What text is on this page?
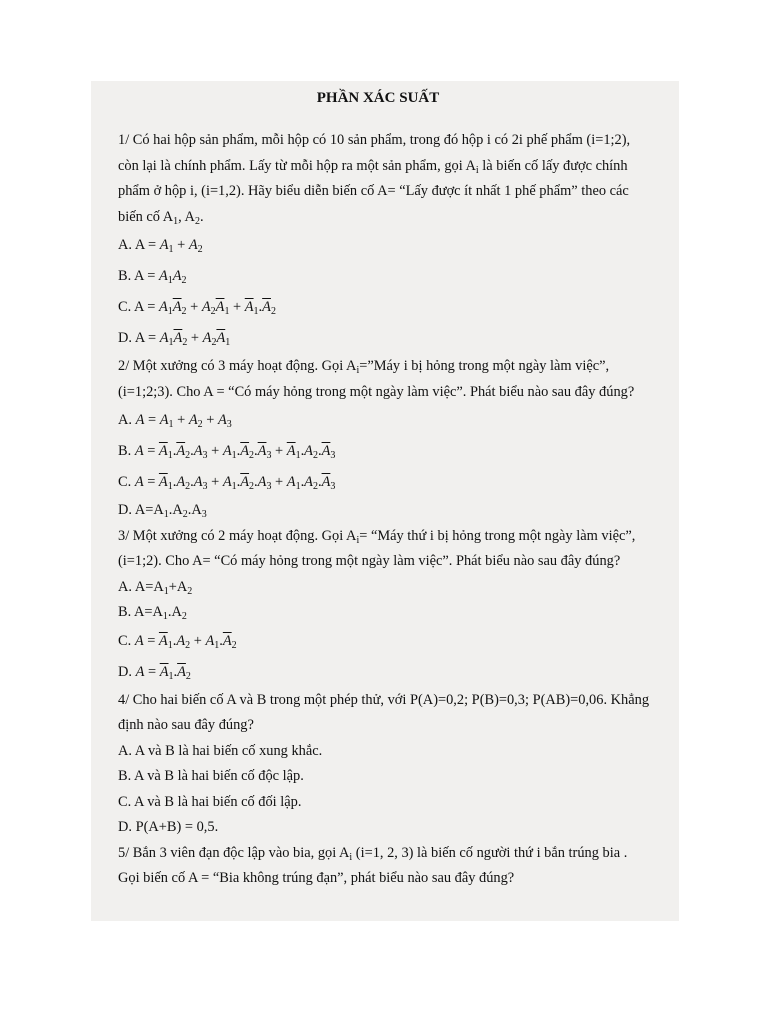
PHẦN XÁC SUẤT
1/ Có hai hộp sản phẩm, mỗi hộp có 10 sản phẩm, trong đó hộp i có 2i phế phẩm (i=1;2),
còn lại là chính phẩm. Lấy từ mỗi hộp ra một sản phẩm, gọi $A_i$ là biến cố lấy được chính
phẩm ở hộp i, (i=1,2). Hãy biểu diễn biến cố A= “Lấy được ít nhất 1 phế phẩm” theo các
biến cố $A_1$, $A_2$.
A. $A = A_1 + A_2$
B. $A = A_1A_2$
C. $A = A_1\overline{A}_2 + A_2\overline{A}_1 + \overline{A}_1.\overline{A}_2$
D. $A = A_1\overline{A}_2 + A_2\overline{A}_1$
2/ Một xưởng có 3 máy hoạt động. Gọi $A_i=”Máy$ i bị hỏng trong một ngày làm việc”,
(i=1;2;3). Cho A = “Có máy hỏng trong một ngày làm việc”. Phát biểu nào sau đây đúng?
A. $A = A_1 + A_2 + A_3$
B. $A = \overline{A}_1.\overline{A}_2.A_3 + A_1.\overline{A}_2.\overline{A}_3 + \overline{A}_1.A_2.\overline{A}_3$
C. $A = \overline{A}_1.A_2.A_3 + A_1.\overline{A}_2.A_3 + A_1.A_2.\overline{A}_3$
D. $A=A_1.A_2.A_3$
3/ Một xưởng có 2 máy hoạt động. Gọi $A_i=$ “Máy thứ i bị hỏng trong một ngày làm việc”,
(i=1;2). Cho A= “Có máy hỏng trong một ngày làm việc”. Phát biểu nào sau đây đúng?
A. $A=A_1+A_2$
B. $A=A_1.A_2$
C. $A = \overline{A}_1.A_2 + A_1.\overline{A}_2$
D. $A = \overline{A}_1.\overline{A}_2$
4/ Cho hai biến cố A và B trong một phép thử, với P(A)=0,2; P(B)=0,3; P(AB)=0,06. Khẳng
định nào sau đây đúng?
A. A và B là hai biến cố xung khắc.
B. A và B là hai biến cố độc lập.
C. A và B là hai biến cố đối lập.
D. P(A+B) = 0,5.
5/ Bắn 3 viên đạn độc lập vào bia, gọi $A_i$ (i=1, 2, 3) là biến cố người thứ i bắn trúng bia .
Gọi biến cố A = “Bia không trúng đạn”, phát biểu nào sau đây đúng?
